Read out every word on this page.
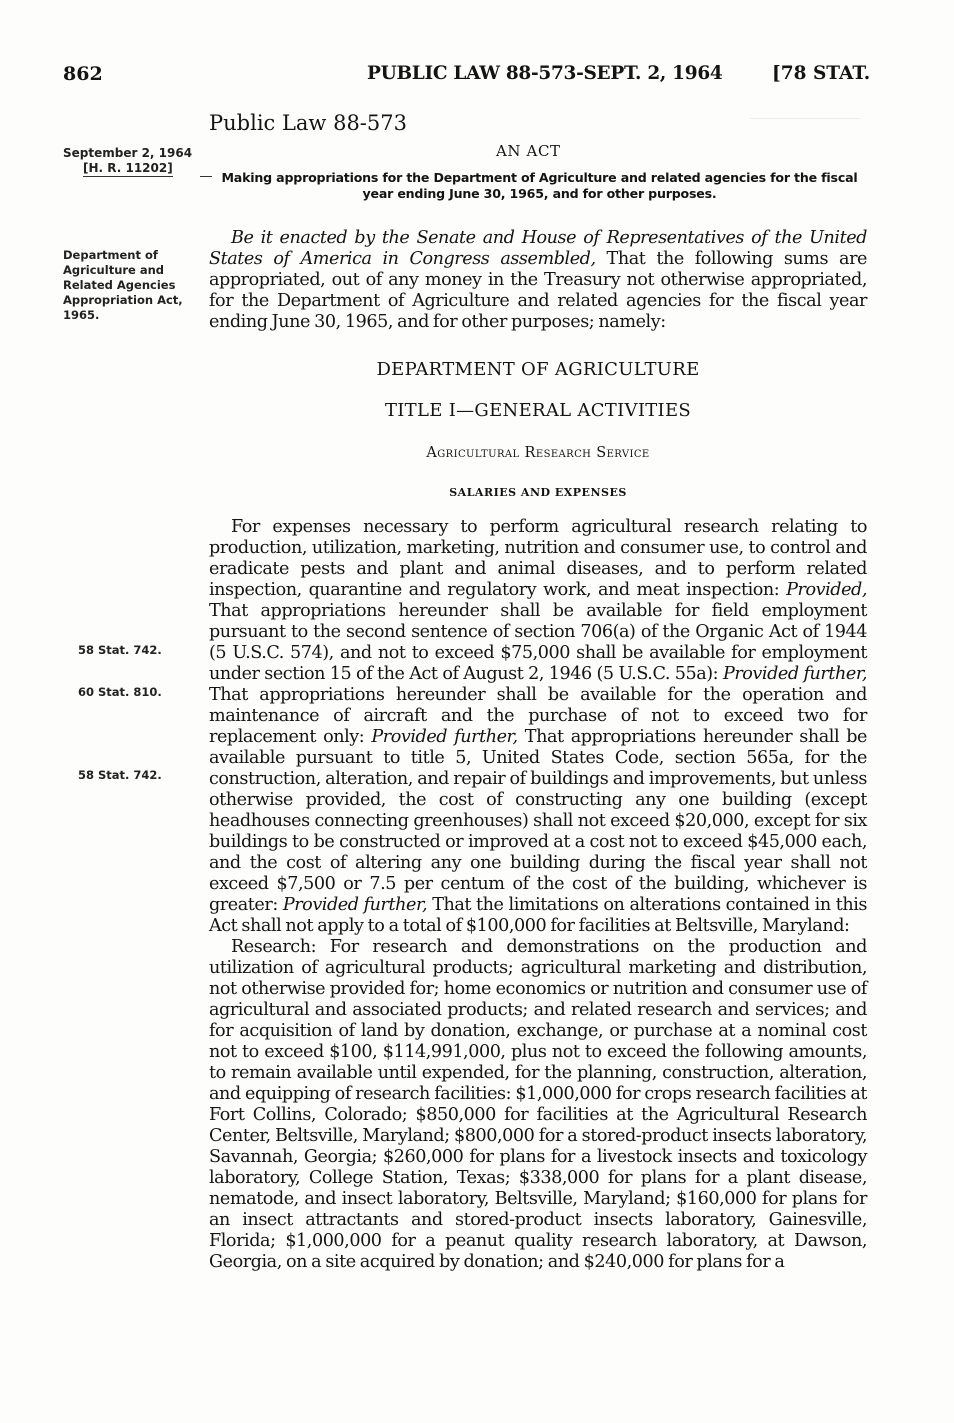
862	PUBLIC LAW 88-573-SEPT. 2, 1964	[78 STAT.
Public Law 88-573
AN ACT
September 2, 1964
[H. R. 11202]
Making appropriations for the Department of Agriculture and related agencies for the fiscal year ending June 30, 1965, and for other purposes.
Department of Agriculture and Related Agencies Appropriation Act, 1965.
58 Stat. 742.
60 Stat. 810.
58 Stat. 742.

Be it enacted by the Senate and House of Representatives of the United States of America in Congress assembled, That the following sums are appropriated, out of any money in the Treasury not otherwise appropriated, for the Department of Agriculture and related agencies for the fiscal year ending June 30, 1965, and for other purposes; namely:

DEPARTMENT OF AGRICULTURE
TITLE I—GENERAL ACTIVITIES
Agricultural Research Service
SALARIES AND EXPENSES

For expenses necessary to perform agricultural research relating to production, utilization, marketing, nutrition and consumer use, to control and eradicate pests and plant and animal diseases, and to perform related inspection, quarantine and regulatory work, and meat inspection: Provided, That appropriations hereunder shall be available for field employment pursuant to the second sentence of section 706(a) of the Organic Act of 1944 (5 U.S.C. 574), and not to exceed $75,000 shall be available for employment under section 15 of the Act of August 2, 1946 (5 U.S.C. 55a): Provided further, That appropriations hereunder shall be available for the operation and maintenance of aircraft and the purchase of not to exceed two for replacement only: Provided further, That appropriations hereunder shall be available pursuant to title 5, United States Code, section 565a, for the construction, alteration, and repair of buildings and improvements, but unless otherwise provided, the cost of constructing any one building (except headhouses connecting greenhouses) shall not exceed $20,000, except for six buildings to be constructed or improved at a cost not to exceed $45,000 each, and the cost of altering any one building during the fiscal year shall not exceed $7,500 or 7.5 per centum of the cost of the building, whichever is greater: Provided further, That the limitations on alterations contained in this Act shall not apply to a total of $100,000 for facilities at Beltsville, Maryland:

Research: For research and demonstrations on the production and utilization of agricultural products; agricultural marketing and distribution, not otherwise provided for; home economics or nutrition and consumer use of agricultural and associated products; and related research and services; and for acquisition of land by donation, exchange, or purchase at a nominal cost not to exceed $100, $114,991,000, plus not to exceed the following amounts, to remain available until expended, for the planning, construction, alteration, and equipping of research facilities: $1,000,000 for crops research facilities at Fort Collins, Colorado; $850,000 for facilities at the Agricultural Research Center, Beltsville, Maryland; $800,000 for a stored-product insects laboratory, Savannah, Georgia; $260,000 for plans for a livestock insects and toxicology laboratory, College Station, Texas; $338,000 for plans for a plant disease, nematode, and insect laboratory, Beltsville, Maryland; $160,000 for plans for an insect attractants and stored-product insects laboratory, Gainesville, Florida; $1,000,000 for a peanut quality research laboratory, at Dawson, Georgia, on a site acquired by donation; and $240,000 for plans for a
